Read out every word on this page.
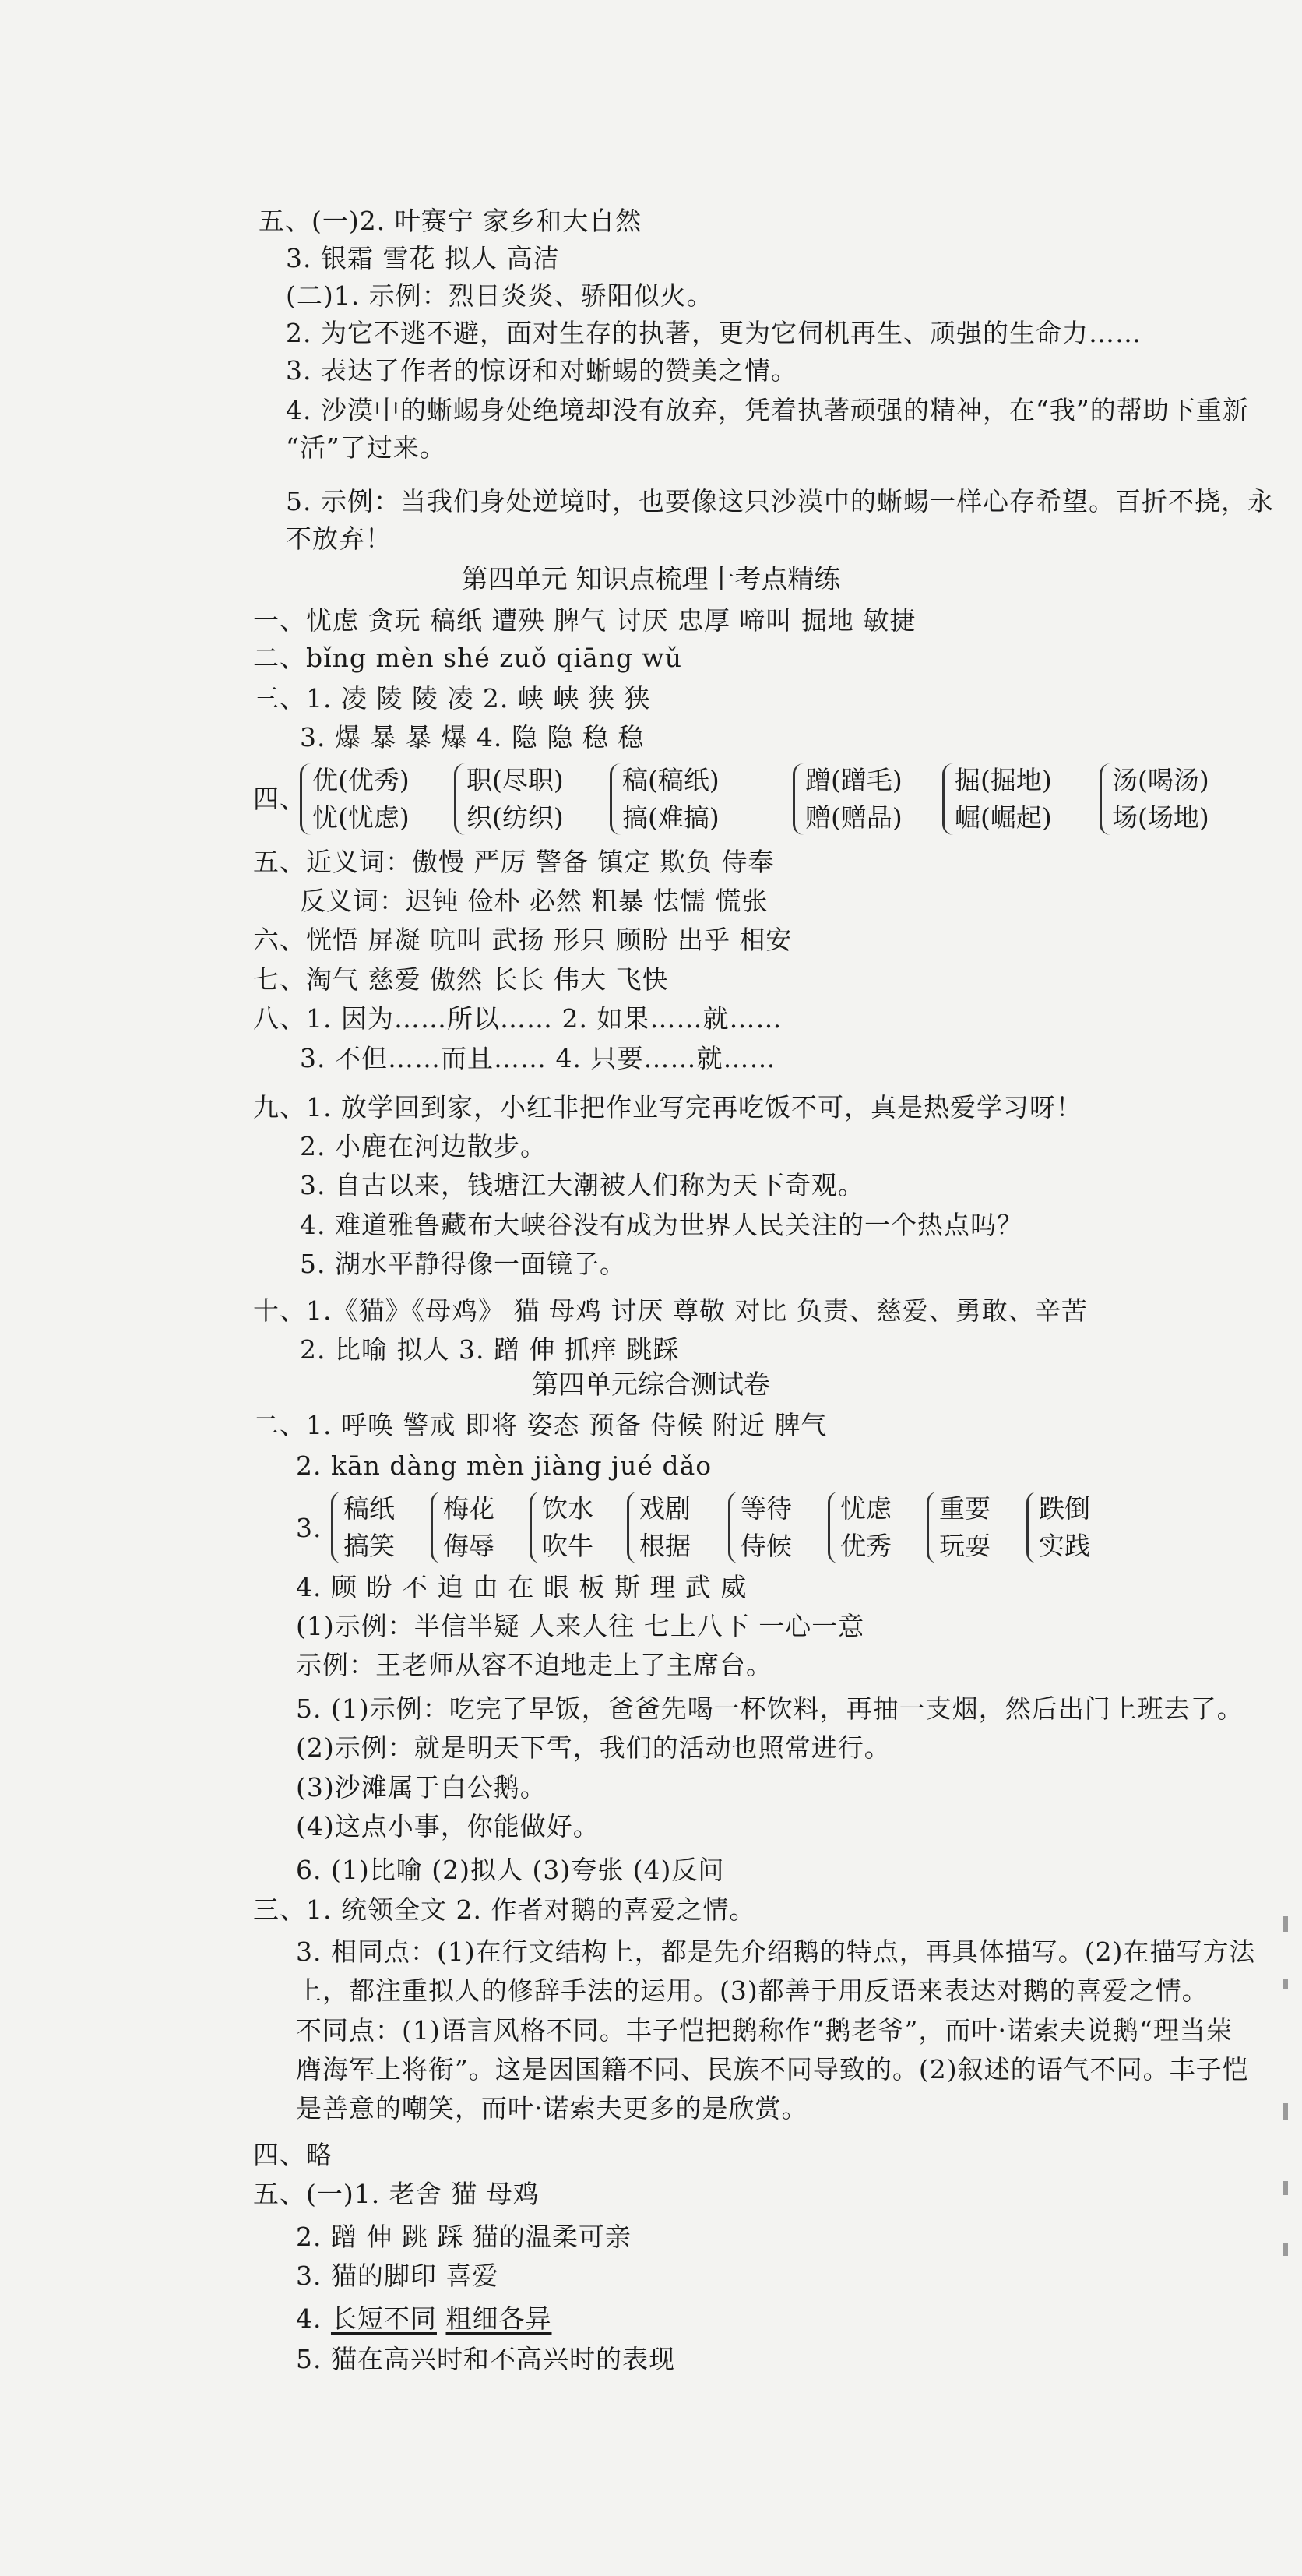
五、(一)2. 叶赛宁 家乡和大自然
3. 银霜 雪花 拟人 高洁
(二)1. 示例：烈日炎炎、骄阳似火。
2. 为它不逃不避，面对生存的执著，更为它伺机再生、顽强的生命力……
3. 表达了作者的惊讶和对蜥蜴的赞美之情。
4. 沙漠中的蜥蜴身处绝境却没有放弃，凭着执著顽强的精神，在“我”的帮助下重新
“活”了过来。
5. 示例：当我们身处逆境时，也要像这只沙漠中的蜥蜴一样心存希望。百折不挠，永
不放弃！
第四单元 知识点梳理十考点精练
一、忧虑 贪玩 稿纸 遭殃 脾气 讨厌 忠厚 啼叫 掘地 敏捷
二、bǐng mèn shé zuǒ qiāng wǔ
三、1. 凌 陵 陵 凌 2. 峡 峡 狭 狭
3. 爆 暴 暴 爆 4. 隐 隐 稳 稳
四、
优(优秀)
忧(忧虑)
职(尽职)
织(纺织)
稿(稿纸)
搞(难搞)
蹭(蹭毛)
赠(赠品)
掘(掘地)
崛(崛起)
汤(喝汤)
场(场地)
五、近义词：傲慢 严厉 警备 镇定 欺负 侍奉
反义词：迟钝 俭朴 必然 粗暴 怯懦 慌张
六、恍悟 屏凝 吭叫 武扬 形只 顾盼 出乎 相安
七、淘气 慈爱 傲然 长长 伟大 飞快
八、1. 因为……所以…… 2. 如果……就……
3. 不但……而且…… 4. 只要……就……
九、1. 放学回到家，小红非把作业写完再吃饭不可，真是热爱学习呀！
2. 小鹿在河边散步。
3. 自古以来，钱塘江大潮被人们称为天下奇观。
4. 难道雅鲁藏布大峡谷没有成为世界人民关注的一个热点吗？
5. 湖水平静得像一面镜子。
十、1.《猫》《母鸡》 猫 母鸡 讨厌 尊敬 对比 负责、慈爱、勇敢、辛苦
2. 比喻 拟人 3. 蹭 伸 抓痒 跳踩
第四单元综合测试卷
二、1. 呼唤 警戒 即将 姿态 预备 侍候 附近 脾气
2. kān dàng mèn jiàng jué dǎo
3.
稿纸
搞笑
梅花
侮辱
饮水
吹牛
戏剧
根据
等待
侍候
忧虑
优秀
重要
玩耍
跌倒
实践
4. 顾 盼 不 迫 由 在 眼 板 斯 理 武 威
(1)示例：半信半疑 人来人往 七上八下 一心一意
示例：王老师从容不迫地走上了主席台。
5. (1)示例：吃完了早饭，爸爸先喝一杯饮料，再抽一支烟，然后出门上班去了。
(2)示例：就是明天下雪，我们的活动也照常进行。
(3)沙滩属于白公鹅。
(4)这点小事，你能做好。
6. (1)比喻 (2)拟人 (3)夸张 (4)反问
三、1. 统领全文 2. 作者对鹅的喜爱之情。
3. 相同点：(1)在行文结构上，都是先介绍鹅的特点，再具体描写。(2)在描写方法
上，都注重拟人的修辞手法的运用。(3)都善于用反语来表达对鹅的喜爱之情。
不同点：(1)语言风格不同。丰子恺把鹅称作“鹅老爷”，而叶·诺索夫说鹅“理当荣
膺海军上将衔”。这是因国籍不同、民族不同导致的。(2)叙述的语气不同。丰子恺
是善意的嘲笑，而叶·诺索夫更多的是欣赏。
四、略
五、(一)1. 老舍 猫 母鸡
2. 蹭 伸 跳 踩 猫的温柔可亲
3. 猫的脚印 喜爱
4. 长短不同 粗细各异
5. 猫在高兴时和不高兴时的表现
